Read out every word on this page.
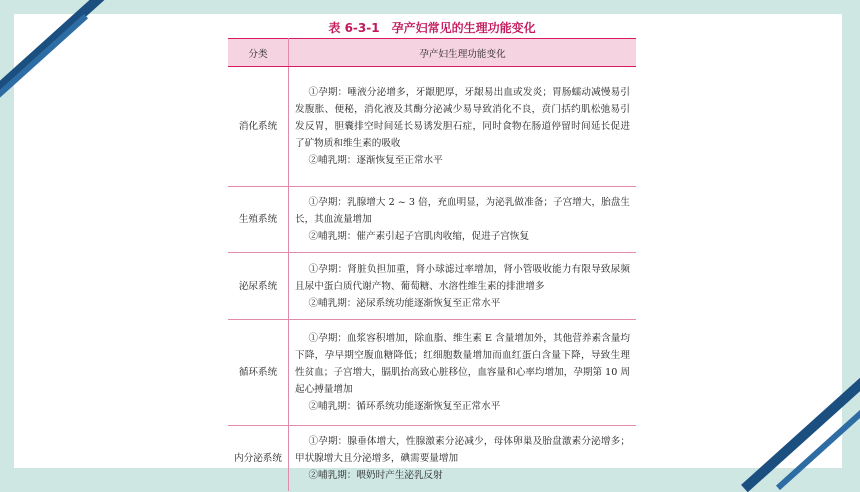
表 6-3-1　孕产妇常见的生理功能变化
分类	孕产妇生理功能变化
消化系统	①孕期：唾液分泌增多，牙龈肥厚，牙龈易出血或发炎；胃肠蠕动减慢易引发腹胀、便秘，消化液及其酶分泌减少易导致消化不良，贲门括约肌松弛易引发反胃，胆囊排空时间延长易诱发胆石症，同时食物在肠道停留时间延长促进了矿物质和维生素的吸收

②哺乳期：逐渐恢复至正常水平

生殖系统	①孕期：乳腺增大 2 ~ 3 倍，充血明显，为泌乳做准备；子宫增大，胎盘生长，其血流量增加

②哺乳期：催产素引起子宫肌肉收缩，促进子宫恢复

泌尿系统	①孕期：肾脏负担加重，肾小球滤过率增加，肾小管吸收能力有限导致尿频且尿中蛋白质代谢产物、葡萄糖、水溶性维生素的排泄增多

②哺乳期：泌尿系统功能逐渐恢复至正常水平

循环系统	①孕期：血浆容积增加，除血脂、维生素 E 含量增加外，其他营养素含量均下降，孕早期空腹血糖降低；红细胞数量增加而血红蛋白含量下降，导致生理性贫血；子宫增大，膈肌抬高致心脏移位，血容量和心率均增加，孕期第 10 周起心搏量增加

②哺乳期：循环系统功能逐渐恢复至正常水平

内分泌系统	①孕期：腺垂体增大，性腺激素分泌减少，母体卵巢及胎盘激素分泌增多；甲状腺增大且分泌增多，碘需要量增加

②哺乳期：喂奶时产生泌乳反射
